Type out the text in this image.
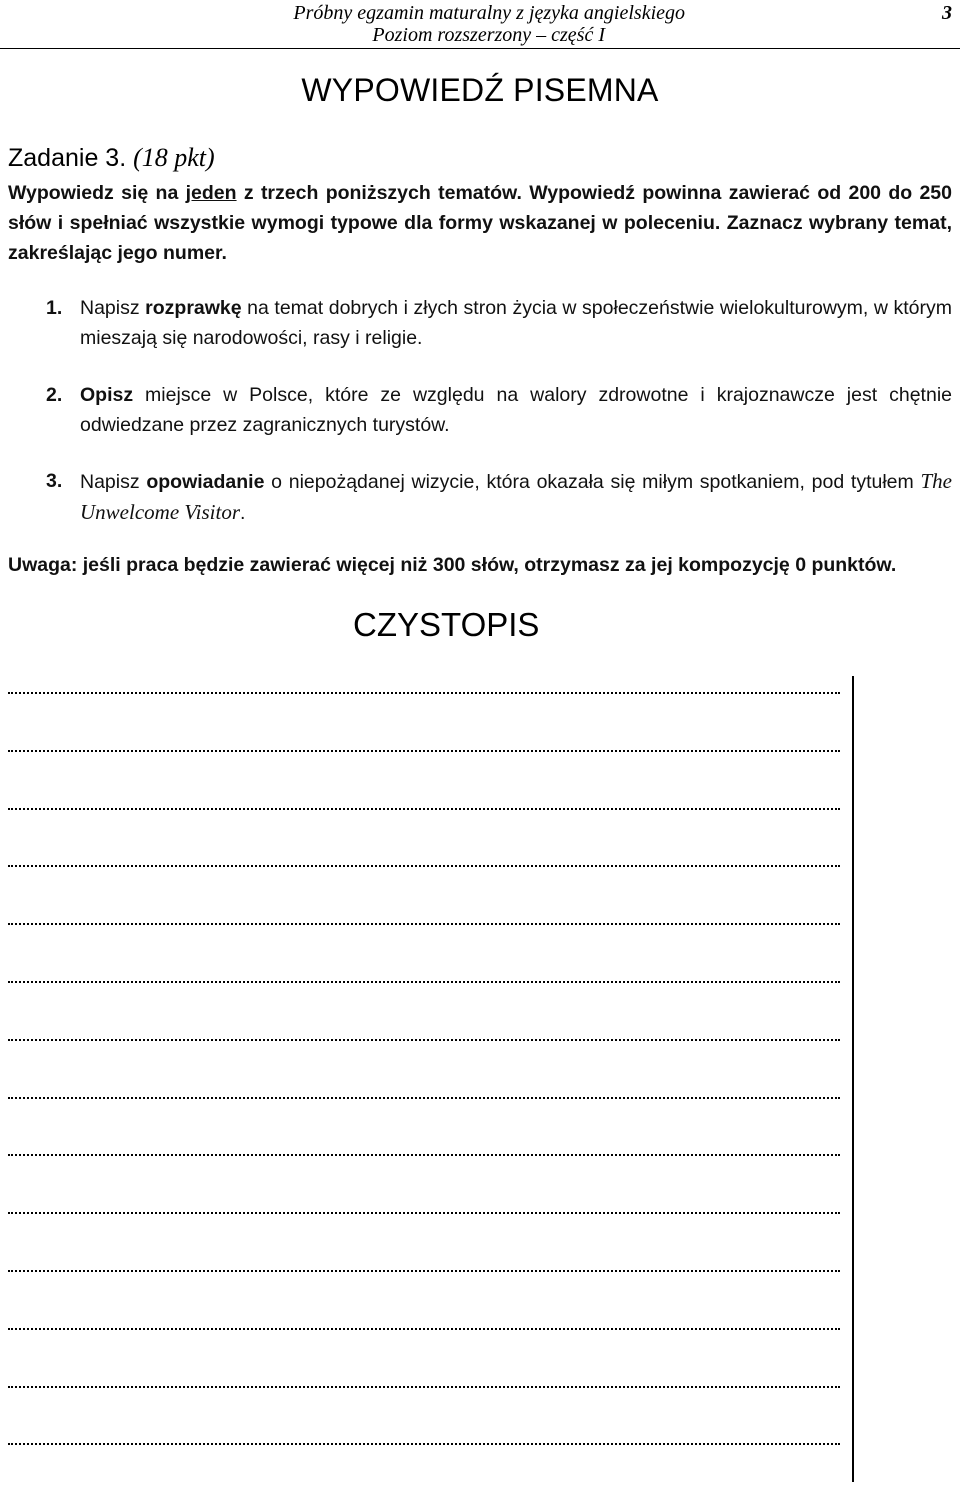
Próbny egzamin maturalny z języka angielskiego
Poziom rozszerzony – część I
3
WYPOWIEDŹ PISEMNA
Zadanie 3. (18 pkt)
Wypowiedz się na jeden z trzech poniższych tematów. Wypowiedź powinna zawierać od 200 do 250 słów i spełniać wszystkie wymogi typowe dla formy wskazanej w poleceniu. Zaznacz wybrany temat, zakreślając jego numer.
1. Napisz rozprawkę na temat dobrych i złych stron życia w społeczeństwie wielokulturowym, w którym mieszają się narodowości, rasy i religie.
2. Opisz miejsce w Polsce, które ze względu na walory zdrowotne i krajoznawcze jest chętnie odwiedzane przez zagranicznych turystów.
3. Napisz opowiadanie o niepożądanej wizycie, która okazała się miłym spotkaniem, pod tytułem The Unwelcome Visitor.
Uwaga: jeśli praca będzie zawierać więcej niż 300 słów, otrzymasz za jej kompozycję 0 punktów.
CZYSTOPIS
